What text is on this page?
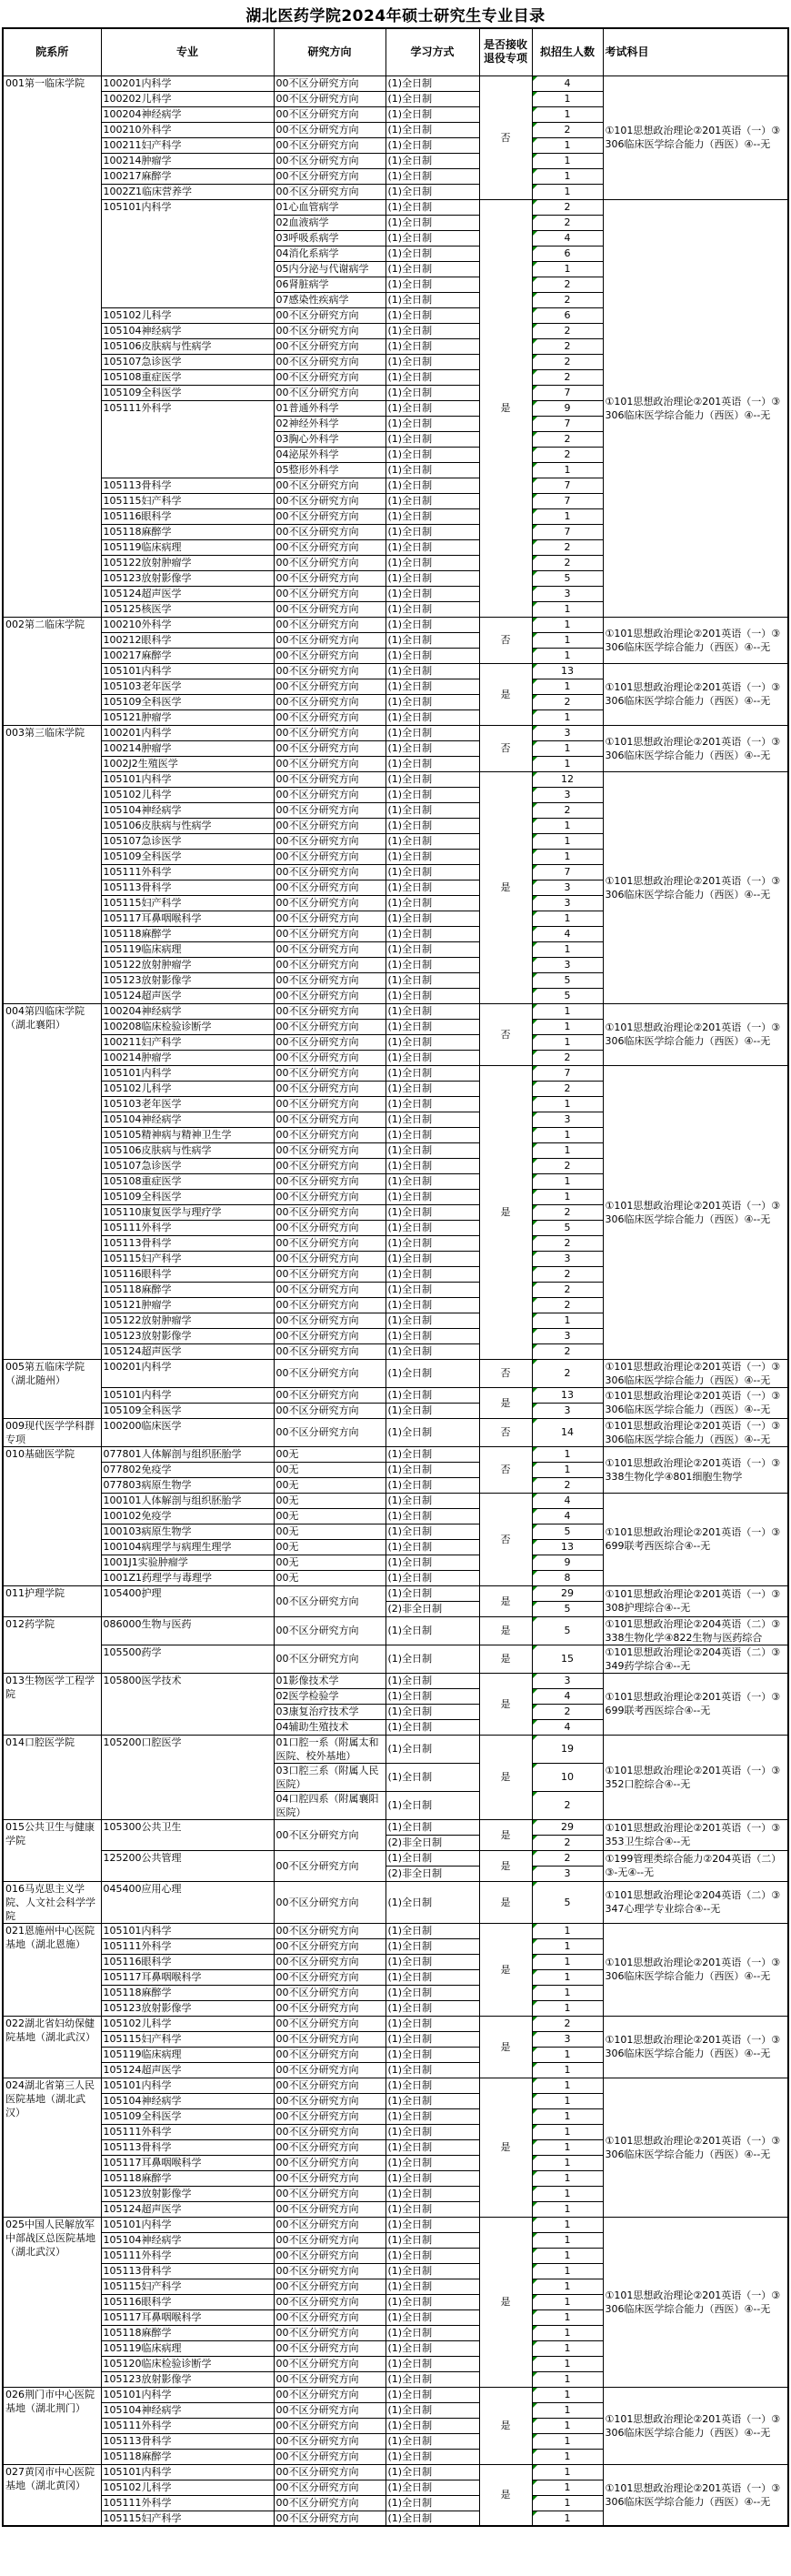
湖北医药学院2024年硕士研究生专业目录
院系所	专业	研究方向	学习方式	是否接收退役专项	拟招生人数	考试科目
001第一临床学院	100201内科学	00不区分研究方向	(1)全日制	否	4	①101思想政治理论②201英语（一）③306临床医学综合能力（西医）④--无
	100202儿科学	00不区分研究方向	(1)全日制		1	
	100204神经病学	00不区分研究方向	(1)全日制		1	
	100210外科学	00不区分研究方向	(1)全日制		2	
	100211妇产科学	00不区分研究方向	(1)全日制		1	
	100214肿瘤学	00不区分研究方向	(1)全日制		1	
	100217麻醉学	00不区分研究方向	(1)全日制		1	
	1002Z1临床营养学	00不区分研究方向	(1)全日制		1	
	105101内科学	01心血管病学	(1)全日制	是	2	①101思想政治理论②201英语（一）③306临床医学综合能力（西医）④--无
		02血液病学	(1)全日制		2	
		03呼吸系病学	(1)全日制		4	
		04消化系病学	(1)全日制		6	
		05内分泌与代谢病学	(1)全日制		1	
		06肾脏病学	(1)全日制		2	
		07感染性疾病学	(1)全日制		2	
	105102儿科学	00不区分研究方向	(1)全日制		6	
	105104神经病学	00不区分研究方向	(1)全日制		2	
	105106皮肤病与性病学	00不区分研究方向	(1)全日制		2	
	105107急诊医学	00不区分研究方向	(1)全日制		2	
	105108重症医学	00不区分研究方向	(1)全日制		2	
	105109全科医学	00不区分研究方向	(1)全日制		7	
	105111外科学	01普通外科学	(1)全日制		9	
		02神经外科学	(1)全日制		7	
		03胸心外科学	(1)全日制		2	
		04泌尿外科学	(1)全日制		2	
		05整形外科学	(1)全日制		1	
	105113骨科学	00不区分研究方向	(1)全日制		7	
	105115妇产科学	00不区分研究方向	(1)全日制		7	
	105116眼科学	00不区分研究方向	(1)全日制		1	
	105118麻醉学	00不区分研究方向	(1)全日制		7	
	105119临床病理	00不区分研究方向	(1)全日制		2	
	105122放射肿瘤学	00不区分研究方向	(1)全日制		2	
	105123放射影像学	00不区分研究方向	(1)全日制		5	
	105124超声医学	00不区分研究方向	(1)全日制		3	
	105125核医学	00不区分研究方向	(1)全日制		1	
002第二临床学院	100210外科学	00不区分研究方向	(1)全日制	否	1	①101思想政治理论②201英语（一）③306临床医学综合能力（西医）④--无
	100212眼科学	00不区分研究方向	(1)全日制		1	
	100217麻醉学	00不区分研究方向	(1)全日制		1	
	105101内科学	00不区分研究方向	(1)全日制	是	13	①101思想政治理论②201英语（一）③306临床医学综合能力（西医）④--无
	105103老年医学	00不区分研究方向	(1)全日制		1	
	105109全科医学	00不区分研究方向	(1)全日制		2	
	105121肿瘤学	00不区分研究方向	(1)全日制		1	
003第三临床学院	100201内科学	00不区分研究方向	(1)全日制	否	3	①101思想政治理论②201英语（一）③306临床医学综合能力（西医）④--无
	100214肿瘤学	00不区分研究方向	(1)全日制		1	
	1002J2生殖医学	00不区分研究方向	(1)全日制		1	
	105101内科学	00不区分研究方向	(1)全日制	是	12	①101思想政治理论②201英语（一）③306临床医学综合能力（西医）④--无
	105102儿科学	00不区分研究方向	(1)全日制		3	
	105104神经病学	00不区分研究方向	(1)全日制		2	
	105106皮肤病与性病学	00不区分研究方向	(1)全日制		1	
	105107急诊医学	00不区分研究方向	(1)全日制		1	
	105109全科医学	00不区分研究方向	(1)全日制		1	
	105111外科学	00不区分研究方向	(1)全日制		7	
	105113骨科学	00不区分研究方向	(1)全日制		3	
	105115妇产科学	00不区分研究方向	(1)全日制		3	
	105117耳鼻咽喉科学	00不区分研究方向	(1)全日制		1	
	105118麻醉学	00不区分研究方向	(1)全日制		4	
	105119临床病理	00不区分研究方向	(1)全日制		1	
	105122放射肿瘤学	00不区分研究方向	(1)全日制		3	
	105123放射影像学	00不区分研究方向	(1)全日制		5	
	105124超声医学	00不区分研究方向	(1)全日制		5	
004第四临床学院（湖北襄阳）	100204神经病学	00不区分研究方向	(1)全日制	否	1	①101思想政治理论②201英语（一）③306临床医学综合能力（西医）④--无
	100208临床检验诊断学	00不区分研究方向	(1)全日制		1	
	100211妇产科学	00不区分研究方向	(1)全日制		1	
	100214肿瘤学	00不区分研究方向	(1)全日制		2	
	105101内科学	00不区分研究方向	(1)全日制	是	7	①101思想政治理论②201英语（一）③306临床医学综合能力（西医）④--无
	105102儿科学	00不区分研究方向	(1)全日制		2	
	105103老年医学	00不区分研究方向	(1)全日制		1	
	105104神经病学	00不区分研究方向	(1)全日制		3	
	105105精神病与精神卫生学	00不区分研究方向	(1)全日制		1	
	105106皮肤病与性病学	00不区分研究方向	(1)全日制		1	
	105107急诊医学	00不区分研究方向	(1)全日制		2	
	105108重症医学	00不区分研究方向	(1)全日制		1	
	105109全科医学	00不区分研究方向	(1)全日制		1	
	105110康复医学与理疗学	00不区分研究方向	(1)全日制		2	
	105111外科学	00不区分研究方向	(1)全日制		5	
	105113骨科学	00不区分研究方向	(1)全日制		2	
	105115妇产科学	00不区分研究方向	(1)全日制		3	
	105116眼科学	00不区分研究方向	(1)全日制		2	
	105118麻醉学	00不区分研究方向	(1)全日制		2	
	105121肿瘤学	00不区分研究方向	(1)全日制		2	
	105122放射肿瘤学	00不区分研究方向	(1)全日制		1	
	105123放射影像学	00不区分研究方向	(1)全日制		3	
	105124超声医学	00不区分研究方向	(1)全日制		2	
005第五临床学院（湖北随州）	100201内科学	00不区分研究方向	(1)全日制	否	2	①101思想政治理论②201英语（一）③306临床医学综合能力（西医）④--无
	105101内科学	00不区分研究方向	(1)全日制	是	13	①101思想政治理论②201英语（一）③306临床医学综合能力（西医）④--无
	105109全科医学	00不区分研究方向	(1)全日制		3	
009现代医学学科群专项	100200临床医学	00不区分研究方向	(1)全日制	否	14	①101思想政治理论②201英语（一）③306临床医学综合能力（西医）④--无
010基础医学院	077801人体解剖与组织胚胎学	00无	(1)全日制	否	1	①101思想政治理论②201英语（一）③338生物化学④801细胞生物学
	077802免疫学	00无	(1)全日制		1	
	077803病原生物学	00无	(1)全日制		2	
	100101人体解剖与组织胚胎学	00无	(1)全日制	否	4	①101思想政治理论②201英语（一）③699联考西医综合④--无
	100102免疫学	00无	(1)全日制		4	
	100103病原生物学	00无	(1)全日制		5	
	100104病理学与病理生理学	00无	(1)全日制		13	
	1001J1实验肿瘤学	00无	(1)全日制		9	
	1001Z1药理学与毒理学	00无	(1)全日制		8	
011护理学院	105400护理	00不区分研究方向	(1)全日制	是	29	①101思想政治理论②201英语（一）③308护理综合④--无
			(2)非全日制		5	
012药学院	086000生物与医药	00不区分研究方向	(1)全日制	是	5	①101思想政治理论②204英语（二）③338生物化学④822生物与医药综合
	105500药学	00不区分研究方向	(1)全日制	是	15	①101思想政治理论②204英语（二）③349药学综合④--无
013生物医学工程学院	105800医学技术	01影像技术学	(1)全日制	是	3	①101思想政治理论②201英语（一）③699联考西医综合④--无
		02医学检验学	(1)全日制		4	
		03康复治疗技术学	(1)全日制		2	
		04辅助生殖技术	(1)全日制		4	
014口腔医学院	105200口腔医学	01口腔一系（附属太和医院、校外基地）	(1)全日制	是	19	①101思想政治理论②201英语（一）③352口腔综合④--无
		03口腔三系（附属人民医院）	(1)全日制		10	
		04口腔四系（附属襄阳医院）	(1)全日制		2	
015公共卫生与健康学院	105300公共卫生	00不区分研究方向	(1)全日制	是	29	①101思想政治理论②201英语（一）③353卫生综合④--无
			(2)非全日制		2	
	125200公共管理	00不区分研究方向	(1)全日制	是	2	①199管理类综合能力②204英语（二）③-无④--无
			(2)非全日制		3	
016马克思主义学院、人文社会科学学院	045400应用心理	00不区分研究方向	(1)全日制	是	5	①101思想政治理论②204英语（二）③347心理学专业综合④--无
021恩施州中心医院基地（湖北恩施）	105101内科学	00不区分研究方向	(1)全日制	是	1	①101思想政治理论②201英语（一）③306临床医学综合能力（西医）④--无
	105111外科学	00不区分研究方向	(1)全日制		1	
	105116眼科学	00不区分研究方向	(1)全日制		1	
	105117耳鼻咽喉科学	00不区分研究方向	(1)全日制		1	
	105118麻醉学	00不区分研究方向	(1)全日制		1	
	105123放射影像学	00不区分研究方向	(1)全日制		1	
022湖北省妇幼保健院基地（湖北武汉）	105102儿科学	00不区分研究方向	(1)全日制	是	2	①101思想政治理论②201英语（一）③306临床医学综合能力（西医）④--无
	105115妇产科学	00不区分研究方向	(1)全日制		3	
	105119临床病理	00不区分研究方向	(1)全日制		1	
	105124超声医学	00不区分研究方向	(1)全日制		1	
024湖北省第三人民医院基地（湖北武汉）	105101内科学	00不区分研究方向	(1)全日制	是	1	①101思想政治理论②201英语（一）③306临床医学综合能力（西医）④--无
	105104神经病学	00不区分研究方向	(1)全日制		1	
	105109全科医学	00不区分研究方向	(1)全日制		1	
	105111外科学	00不区分研究方向	(1)全日制		1	
	105113骨科学	00不区分研究方向	(1)全日制		1	
	105117耳鼻咽喉科学	00不区分研究方向	(1)全日制		1	
	105118麻醉学	00不区分研究方向	(1)全日制		1	
	105123放射影像学	00不区分研究方向	(1)全日制		1	
	105124超声医学	00不区分研究方向	(1)全日制		1	
025中国人民解放军中部战区总医院基地（湖北武汉）	105101内科学	00不区分研究方向	(1)全日制	是	1	①101思想政治理论②201英语（一）③306临床医学综合能力（西医）④--无
	105104神经病学	00不区分研究方向	(1)全日制		1	
	105111外科学	00不区分研究方向	(1)全日制		1	
	105113骨科学	00不区分研究方向	(1)全日制		1	
	105115妇产科学	00不区分研究方向	(1)全日制		1	
	105116眼科学	00不区分研究方向	(1)全日制		1	
	105117耳鼻咽喉科学	00不区分研究方向	(1)全日制		1	
	105118麻醉学	00不区分研究方向	(1)全日制		1	
	105119临床病理	00不区分研究方向	(1)全日制		1	
	105120临床检验诊断学	00不区分研究方向	(1)全日制		1	
	105123放射影像学	00不区分研究方向	(1)全日制		1	
026荆门市中心医院基地（湖北荆门）	105101内科学	00不区分研究方向	(1)全日制	是	1	①101思想政治理论②201英语（一）③306临床医学综合能力（西医）④--无
	105104神经病学	00不区分研究方向	(1)全日制		1	
	105111外科学	00不区分研究方向	(1)全日制		1	
	105113骨科学	00不区分研究方向	(1)全日制		1	
	105118麻醉学	00不区分研究方向	(1)全日制		1	
027黄冈市中心医院基地（湖北黄冈）	105101内科学	00不区分研究方向	(1)全日制	是	1	①101思想政治理论②201英语（一）③306临床医学综合能力（西医）④--无
	105102儿科学	00不区分研究方向	(1)全日制		1	
	105111外科学	00不区分研究方向	(1)全日制		1	
	105115妇产科学	00不区分研究方向	(1)全日制		1	
